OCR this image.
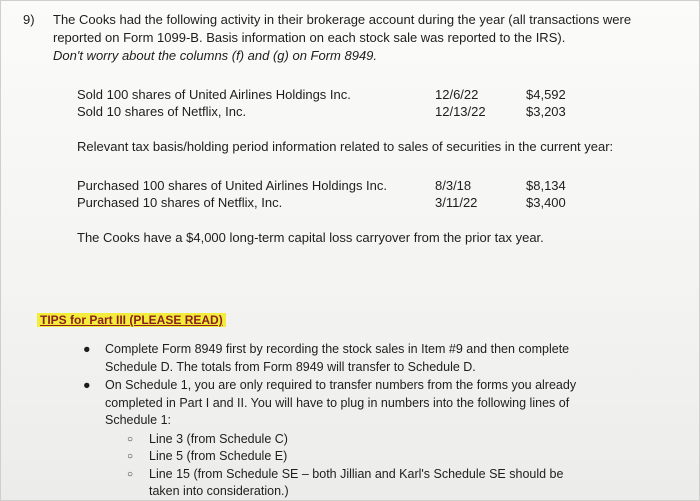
9) The Cooks had the following activity in their brokerage account during the year (all transactions were reported on Form 1099-B. Basis information on each stock sale was reported to the IRS).
Don't worry about the columns (f) and (g) on Form 8949.
Sold 100 shares of United Airlines Holdings Inc.	12/6/22	$4,592
Sold 10 shares of Netflix, Inc.	12/13/22	$3,203
Relevant tax basis/holding period information related to sales of securities in the current year:
Purchased 100 shares of United Airlines Holdings Inc.	8/3/18	$8,134
Purchased 10 shares of Netflix, Inc.	3/11/22	$3,400
The Cooks have a $4,000 long-term capital loss carryover from the prior tax year.
TIPS for Part III (PLEASE READ)
● Complete Form 8949 first by recording the stock sales in Item #9 and then complete Schedule D. The totals from Form 8949 will transfer to Schedule D.
● On Schedule 1, you are only required to transfer numbers from the forms you already completed in Part I and II. You will have to plug in numbers into the following lines of Schedule 1:
○ Line 3 (from Schedule C)
○ Line 5 (from Schedule E)
○ Line 15 (from Schedule SE – both Jillian and Karl's Schedule SE should be taken into consideration.)
